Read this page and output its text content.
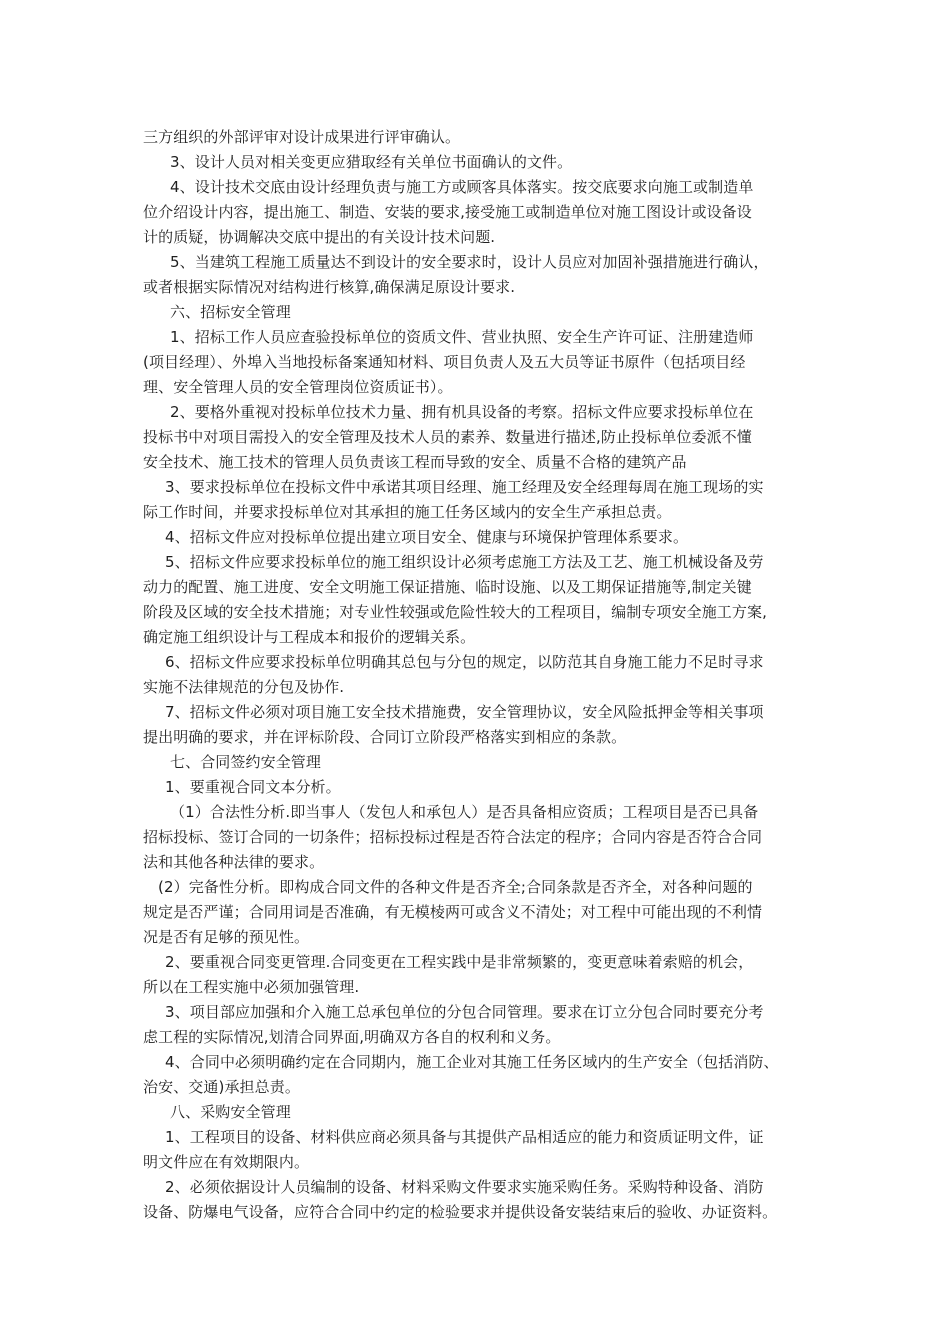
三方组织的外部评审对设计成果进行评审确认。
3、设计人员对相关变更应猎取经有关单位书面确认的文件。
4、设计技术交底由设计经理负责与施工方或顾客具体落实。按交底要求向施工或制造单
位介绍设计内容，提出施工、制造、安装的要求,接受施工或制造单位对施工图设计或设备设
计的质疑，协调解决交底中提出的有关设计技术问题.
5、当建筑工程施工质量达不到设计的安全要求时，设计人员应对加固补强措施进行确认，
或者根据实际情况对结构进行核算,确保满足原设计要求.
六、招标安全管理
1、招标工作人员应查验投标单位的资质文件、营业执照、安全生产许可证、注册建造师
(项目经理）、外埠入当地投标备案通知材料、项目负责人及五大员等证书原件（包括项目经
理、安全管理人员的安全管理岗位资质证书）。
2、要格外重视对投标单位技术力量、拥有机具设备的考察。招标文件应要求投标单位在
投标书中对项目需投入的安全管理及技术人员的素养、数量进行描述,防止投标单位委派不懂
安全技术、施工技术的管理人员负责该工程而导致的安全、质量不合格的建筑产品
3、要求投标单位在投标文件中承诺其项目经理、施工经理及安全经理每周在施工现场的实
际工作时间，并要求投标单位对其承担的施工任务区域内的安全生产承担总责。
4、招标文件应对投标单位提出建立项目安全、健康与环境保护管理体系要求。
5、招标文件应要求投标单位的施工组织设计必须考虑施工方法及工艺、施工机械设备及劳
动力的配置、施工进度、安全文明施工保证措施、临时设施、以及工期保证措施等,制定关键
阶段及区域的安全技术措施；对专业性较强或危险性较大的工程项目，编制专项安全施工方案,
确定施工组织设计与工程成本和报价的逻辑关系。
6、招标文件应要求投标单位明确其总包与分包的规定，以防范其自身施工能力不足时寻求
实施不法律规范的分包及协作.
7、招标文件必须对项目施工安全技术措施费，安全管理协议，安全风险抵押金等相关事项
提出明确的要求，并在评标阶段、合同订立阶段严格落实到相应的条款。
七、合同签约安全管理
1、要重视合同文本分析。
（1）合法性分析.即当事人（发包人和承包人）是否具备相应资质；工程项目是否已具备
招标投标、签订合同的一切条件；招标投标过程是否符合法定的程序；合同内容是否符合合同
法和其他各种法律的要求。
(2）完备性分析。即构成合同文件的各种文件是否齐全;合同条款是否齐全，对各种问题的
规定是否严谨；合同用词是否准确，有无模棱两可或含义不清处；对工程中可能出现的不利情
况是否有足够的预见性。
2、要重视合同变更管理.合同变更在工程实践中是非常频繁的，变更意味着索赔的机会，
所以在工程实施中必须加强管理.
3、项目部应加强和介入施工总承包单位的分包合同管理。要求在订立分包合同时要充分考
虑工程的实际情况,划清合同界面,明确双方各自的权利和义务。
4、合同中必须明确约定在合同期内，施工企业对其施工任务区域内的生产安全（包括消防、
治安、交通)承担总责。
八、采购安全管理
1、工程项目的设备、材料供应商必须具备与其提供产品相适应的能力和资质证明文件，证
明文件应在有效期限内。
2、必须依据设计人员编制的设备、材料采购文件要求实施采购任务。采购特种设备、消防
设备、防爆电气设备，应符合合同中约定的检验要求并提供设备安装结束后的验收、办证资料。
